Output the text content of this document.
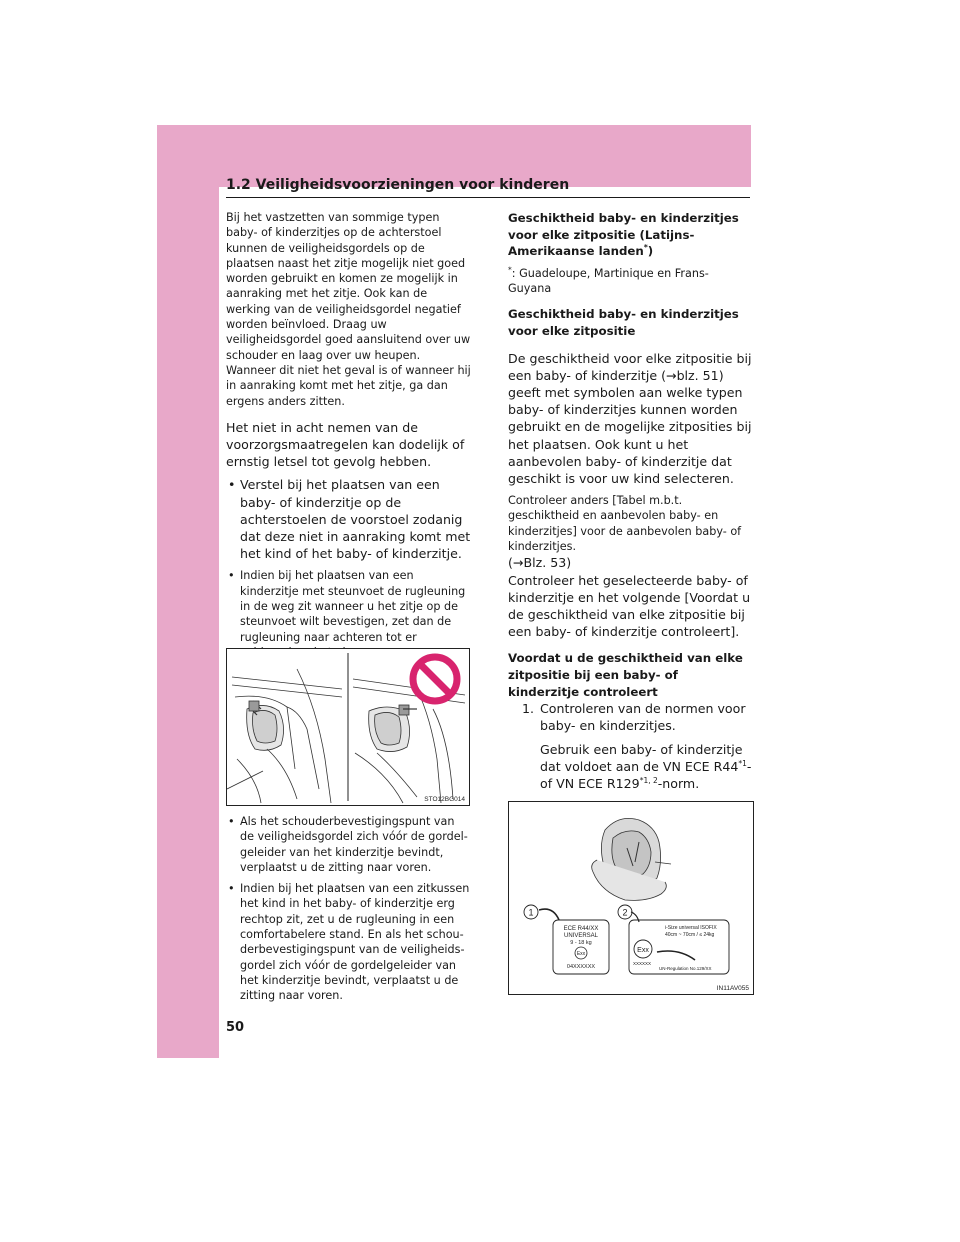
1.2 Veiligheidsvoorzieningen voor kinderen

Bij het vastzetten van sommige typen baby- of kinderzitjes op de achterstoel kunnen de veiligheidsgordels op de plaatsen naast het zitje mogelijk niet goed worden gebruikt en komen ze mogelijk in aanraking met het zitje. Ook kan de werking van de veiligheidsgordel negatief worden beïnvloed. Draag uw veiligheidsgordel goed aansluitend over uw schouder en laag over uw heupen. Wanneer dit niet het geval is of wanneer hij in aanraking komt met het zitje, ga dan ergens anders zitten.

Het niet in acht nemen van de voorzorgsmaatregelen kan dodelijk of ernstig letsel tot gevolg hebben.

• Verstel bij het plaatsen van een baby- of kinderzitje op de achterstoelen de voorstoel zodanig dat deze niet in aanraking komt met het kind of het baby- of kinderzitje.
• Indien bij het plaatsen van een kinderzitje met steunvoet de rugleuning in de weg zit wanneer u het zitje op de steunvoet wilt bevestigen, zet dan de rugleuning naar achteren tot er
STO12BG014
• Als het schouderbevestigingspunt van de veiligheidsgordel zich vóór de gordel-geleider van het kinderzitje bevindt, verplaatst u de zitting naar voren.
• Indien bij het plaatsen van een zitkussen het kind in het baby- of kinderzitje erg rechtop zit, zet u de rugleuning in een comfortabelere stand. En als het schou-derbevestigingspunt van de veiligheids-gordel zich vóór de gordelgeleider van het kinderzitje bevindt, verplaatst u de zitting naar voren.

Geschiktheid baby- en kinderzitjes voor elke zitpositie (Latijns-Amerikaanse landen*)

*: Guadeloupe, Martinique en Frans-Guyana

Geschiktheid baby- en kinderzitjes voor elke zitpositie

De geschiktheid voor elke zitpositie bij een baby- of kinderzitje (→blz. 51) geeft met symbolen aan welke typen baby- of kinderzitjes kunnen worden gebruikt en de mogelijke zitposities bij het plaatsen. Ook kunt u het aanbevolen baby- of kinderzitje dat geschikt is voor uw kind selecteren.

Controleer anders [Tabel m.b.t. geschiktheid en aanbevolen baby- en kinderzitjes] voor de aanbevolen baby- of kinderzitjes.

(→Blz. 53)

Controleer het geselecteerde baby- of kinderzitje en het volgende [Voordat u de geschiktheid van elke zitpositie bij een baby- of kinderzitje controleert].

Voordat u de geschiktheid van elke zitpositie bij een baby- of kinderzitje controleert

1. Controleren van de normen voor baby- en kinderzitjes.

Gebruik een baby- of kinderzitje dat voldoet aan de VN ECE R44$^{*1}$- of VN ECE R129$^{*1, 2}$-norm.

1	2
ECE R44/XX
UNIVERSAL
9 - 18 kg
Exx
04XXXXXX
i-Size universal ISOFIX
40cm ~ 70cm / ≤ 24kg
Exx
XXXXXX
UN-Regulation No.129/XX
IN11AV055
50
